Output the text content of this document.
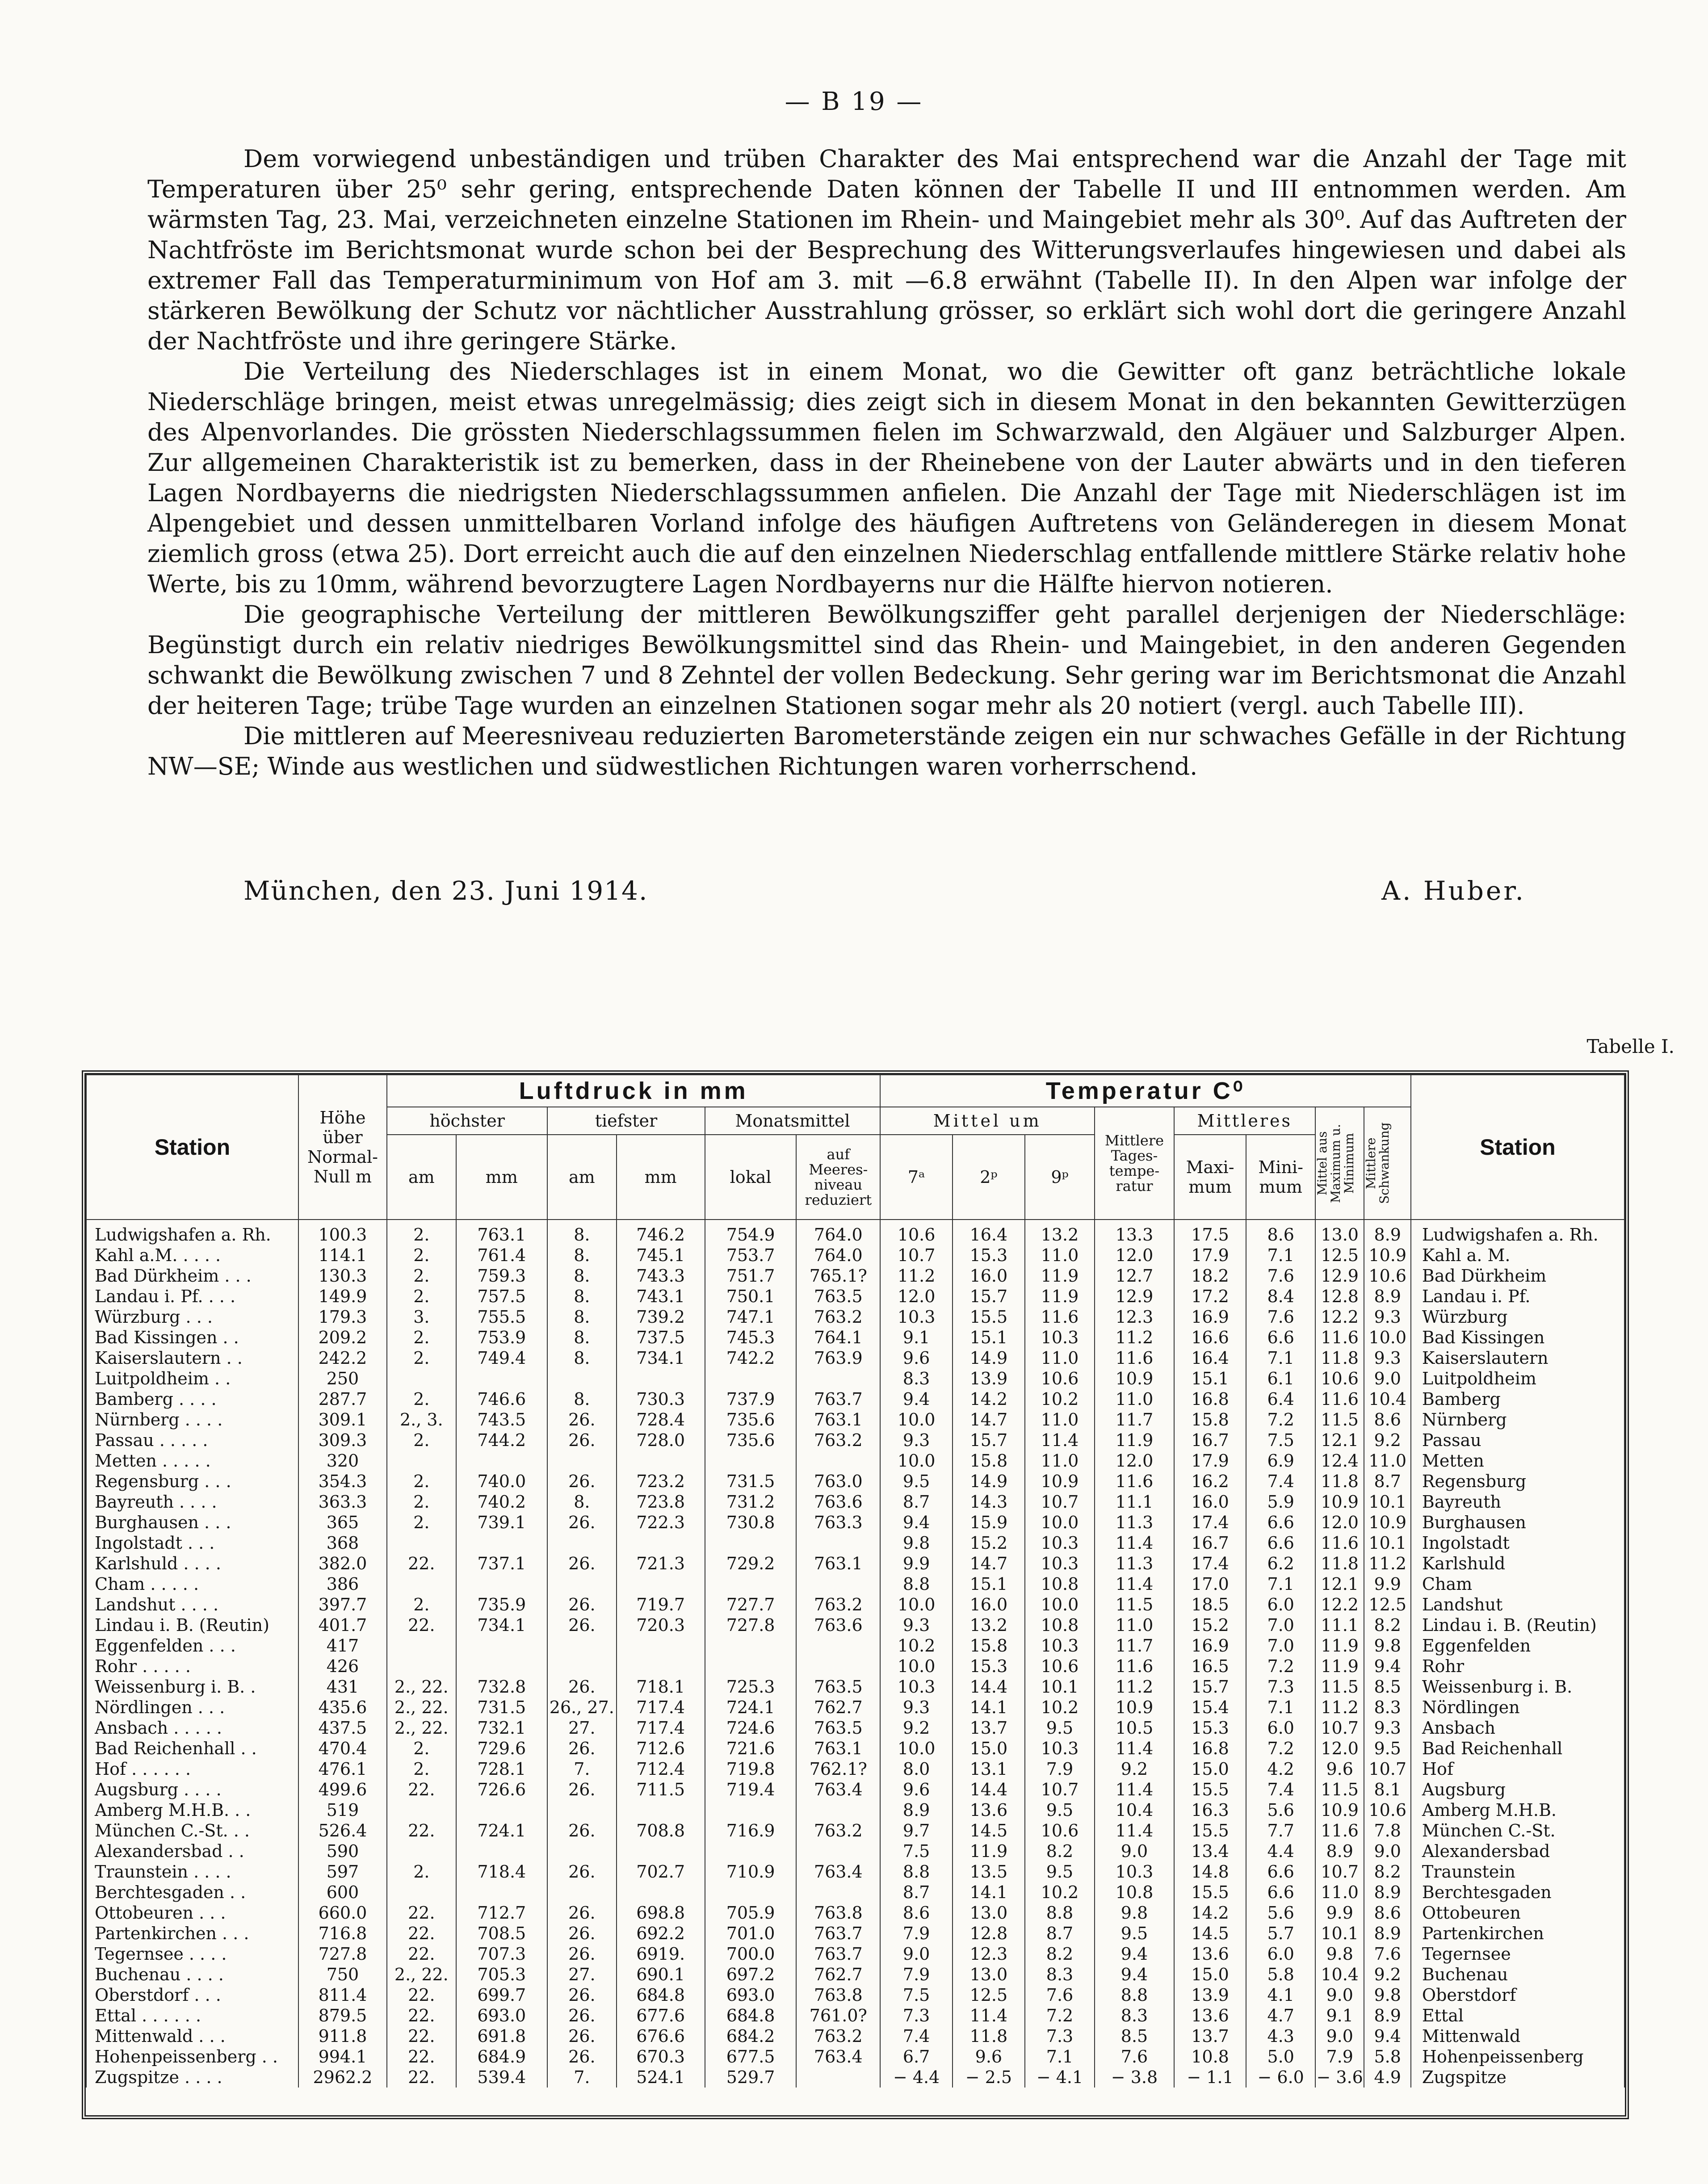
— B 19 —

Dem vorwiegend unbeständigen und trüben Charakter des Mai entsprechend war die Anzahl der Tage mit Temperaturen über 25⁰ sehr gering, entsprechende Daten können der Tabelle II und III entnommen werden. Am wärmsten Tag, 23. Mai, verzeichneten einzelne Stationen im Rhein- und Maingebiet mehr als 30⁰. Auf das Auftreten der Nachtfröste im Berichtsmonat wurde schon bei der Besprechung des Witterungsverlaufes hingewiesen und dabei als extremer Fall das Temperaturminimum von Hof am 3. mit —6.8 erwähnt (Tabelle II). In den Alpen war infolge der stärkeren Bewölkung der Schutz vor nächtlicher Ausstrahlung grösser, so erklärt sich wohl dort die geringere Anzahl der Nachtfröste und ihre geringere Stärke.

Die Verteilung des Niederschlages ist in einem Monat, wo die Gewitter oft ganz beträchtliche lokale Niederschläge bringen, meist etwas unregelmässig; dies zeigt sich in diesem Monat in den bekannten Gewitterzügen des Alpenvorlandes. Die grössten Niederschlagssummen fielen im Schwarzwald, den Algäuer und Salzburger Alpen. Zur allgemeinen Charakteristik ist zu bemerken, dass in der Rheinebene von der Lauter abwärts und in den tieferen Lagen Nordbayerns die niedrigsten Niederschlagssummen anfielen. Die Anzahl der Tage mit Niederschlägen ist im Alpengebiet und dessen unmittelbaren Vorland infolge des häufigen Auftretens von Geländeregen in diesem Monat ziemlich gross (etwa 25). Dort erreicht auch die auf den einzelnen Niederschlag entfallende mittlere Stärke relativ hohe Werte, bis zu 10mm, während bevorzugtere Lagen Nordbayerns nur die Hälfte hiervon notieren.

Die geographische Verteilung der mittleren Bewölkungsziffer geht parallel derjenigen der Niederschläge: Begünstigt durch ein relativ niedriges Bewölkungsmittel sind das Rhein- und Maingebiet, in den anderen Gegenden schwankt die Bewölkung zwischen 7 und 8 Zehntel der vollen Bedeckung. Sehr gering war im Berichtsmonat die Anzahl der heiteren Tage; trübe Tage wurden an einzelnen Stationen sogar mehr als 20 notiert (vergl. auch Tabelle III).

Die mittleren auf Meeresniveau reduzierten Barometerstände zeigen ein nur schwaches Gefälle in der Richtung NW—SE; Winde aus westlichen und südwestlichen Richtungen waren vorherrschend.

München, den 23. Juni 1914.	A. Huber.
Tabelle I.
Station	Höhe über Normal-Null m	Luftdruck in mm						Temperatur C⁰								Station
		höchster		tiefster		Monatsmittel		Mittel um			Mittlere Tages-tempe-ratur	Mittleres		Mittel aus Maximum u. Minimum	Mittlere Schwankung	

		am	mm	am	mm	lokal	auf Meeres-niveau reduziert	7ᵃ	2ᵖ	9ᵖ		Maxi-mum	Mini-mum			
Ludwigshafen a. Rh.	100.3	2.	763.1	8.	746.2	754.9	764.0	10.6	16.4	13.2	13.3	17.5	8.6	13.0	8.9	Ludwigshafen a. Rh.
Kahl a.M. . . . .	114.1	2.	761.4	8.	745.1	753.7	764.0	10.7	15.3	11.0	12.0	17.9	7.1	12.5	10.9	Kahl a. M.
Bad Dürkheim . . .	130.3	2.	759.3	8.	743.3	751.7	765.1?	11.2	16.0	11.9	12.7	18.2	7.6	12.9	10.6	Bad Dürkheim
Landau i. Pf. . . .	149.9	2.	757.5	8.	743.1	750.1	763.5	12.0	15.7	11.9	12.9	17.2	8.4	12.8	8.9	Landau i. Pf.
Würzburg . . .	179.3	3.	755.5	8.	739.2	747.1	763.2	10.3	15.5	11.6	12.3	16.9	7.6	12.2	9.3	Würzburg
Bad Kissingen . .	209.2	2.	753.9	8.	737.5	745.3	764.1	9.1	15.1	10.3	11.2	16.6	6.6	11.6	10.0	Bad Kissingen
Kaiserslautern . .	242.2	2.	749.4	8.	734.1	742.2	763.9	9.6	14.9	11.0	11.6	16.4	7.1	11.8	9.3	Kaiserslautern
Luitpoldheim . .	250							8.3	13.9	10.6	10.9	15.1	6.1	10.6	9.0	Luitpoldheim
Bamberg . . . .	287.7	2.	746.6	8.	730.3	737.9	763.7	9.4	14.2	10.2	11.0	16.8	6.4	11.6	10.4	Bamberg
Nürnberg . . . .	309.1	2., 3.	743.5	26.	728.4	735.6	763.1	10.0	14.7	11.0	11.7	15.8	7.2	11.5	8.6	Nürnberg
Passau . . . . .	309.3	2.	744.2	26.	728.0	735.6	763.2	9.3	15.7	11.4	11.9	16.7	7.5	12.1	9.2	Passau
Metten . . . . .	320							10.0	15.8	11.0	12.0	17.9	6.9	12.4	11.0	Metten
Regensburg . . .	354.3	2.	740.0	26.	723.2	731.5	763.0	9.5	14.9	10.9	11.6	16.2	7.4	11.8	8.7	Regensburg
Bayreuth . . . .	363.3	2.	740.2	8.	723.8	731.2	763.6	8.7	14.3	10.7	11.1	16.0	5.9	10.9	10.1	Bayreuth
Burghausen . . .	365	2.	739.1	26.	722.3	730.8	763.3	9.4	15.9	10.0	11.3	17.4	6.6	12.0	10.9	Burghausen
Ingolstadt . . .	368							9.8	15.2	10.3	11.4	16.7	6.6	11.6	10.1	Ingolstadt
Karlshuld . . . .	382.0	22.	737.1	26.	721.3	729.2	763.1	9.9	14.7	10.3	11.3	17.4	6.2	11.8	11.2	Karlshuld
Cham . . . . .	386							8.8	15.1	10.8	11.4	17.0	7.1	12.1	9.9	Cham
Landshut . . . .	397.7	2.	735.9	26.	719.7	727.7	763.2	10.0	16.0	10.0	11.5	18.5	6.0	12.2	12.5	Landshut
Lindau i. B. (Reutin)	401.7	22.	734.1	26.	720.3	727.8	763.6	9.3	13.2	10.8	11.0	15.2	7.0	11.1	8.2	Lindau i. B. (Reutin)
Eggenfelden . . .	417							10.2	15.8	10.3	11.7	16.9	7.0	11.9	9.8	Eggenfelden
Rohr . . . . .	426							10.0	15.3	10.6	11.6	16.5	7.2	11.9	9.4	Rohr
Weissenburg i. B. .	431	2., 22.	732.8	26.	718.1	725.3	763.5	10.3	14.4	10.1	11.2	15.7	7.3	11.5	8.5	Weissenburg i. B.
Nördlingen . . .	435.6	2., 22.	731.5	26., 27.	717.4	724.1	762.7	9.3	14.1	10.2	10.9	15.4	7.1	11.2	8.3	Nördlingen
Ansbach . . . . .	437.5	2., 22.	732.1	27.	717.4	724.6	763.5	9.2	13.7	9.5	10.5	15.3	6.0	10.7	9.3	Ansbach
Bad Reichenhall . .	470.4	2.	729.6	26.	712.6	721.6	763.1	10.0	15.0	10.3	11.4	16.8	7.2	12.0	9.5	Bad Reichenhall
Hof . . . . . .	476.1	2.	728.1	7.	712.4	719.8	762.1?	8.0	13.1	7.9	9.2	15.0	4.2	9.6	10.7	Hof
Augsburg . . . .	499.6	22.	726.6	26.	711.5	719.4	763.4	9.6	14.4	10.7	11.4	15.5	7.4	11.5	8.1	Augsburg
Amberg M.H.B. . .	519							8.9	13.6	9.5	10.4	16.3	5.6	10.9	10.6	Amberg M.H.B.
München C.-St. . .	526.4	22.	724.1	26.	708.8	716.9	763.2	9.7	14.5	10.6	11.4	15.5	7.7	11.6	7.8	München C.-St.
Alexandersbad . .	590							7.5	11.9	8.2	9.0	13.4	4.4	8.9	9.0	Alexandersbad
Traunstein . . . .	597	2.	718.4	26.	702.7	710.9	763.4	8.8	13.5	9.5	10.3	14.8	6.6	10.7	8.2	Traunstein
Berchtesgaden . .	600							8.7	14.1	10.2	10.8	15.5	6.6	11.0	8.9	Berchtesgaden
Ottobeuren . . .	660.0	22.	712.7	26.	698.8	705.9	763.8	8.6	13.0	8.8	9.8	14.2	5.6	9.9	8.6	Ottobeuren
Partenkirchen . . .	716.8	22.	708.5	26.	692.2	701.0	763.7	7.9	12.8	8.7	9.5	14.5	5.7	10.1	8.9	Partenkirchen
Tegernsee . . . .	727.8	22.	707.3	26.	6919.	700.0	763.7	9.0	12.3	8.2	9.4	13.6	6.0	9.8	7.6	Tegernsee
Buchenau . . . .	750	2., 22.	705.3	27.	690.1	697.2	762.7	7.9	13.0	8.3	9.4	15.0	5.8	10.4	9.2	Buchenau
Oberstdorf . . .	811.4	22.	699.7	26.	684.8	693.0	763.8	7.5	12.5	7.6	8.8	13.9	4.1	9.0	9.8	Oberstdorf
Ettal . . . . . .	879.5	22.	693.0	26.	677.6	684.8	761.0?	7.3	11.4	7.2	8.3	13.6	4.7	9.1	8.9	Ettal
Mittenwald . . .	911.8	22.	691.8	26.	676.6	684.2	763.2	7.4	11.8	7.3	8.5	13.7	4.3	9.0	9.4	Mittenwald
Hohenpeissenberg . .	994.1	22.	684.9	26.	670.3	677.5	763.4	6.7	9.6	7.1	7.6	10.8	5.0	7.9	5.8	Hohenpeissenberg
Zugspitze . . . .	2962.2	22.	539.4	7.	524.1	529.7		− 4.4	− 2.5	− 4.1	− 3.8	− 1.1	− 6.0	− 3.6	4.9	Zugspitze
